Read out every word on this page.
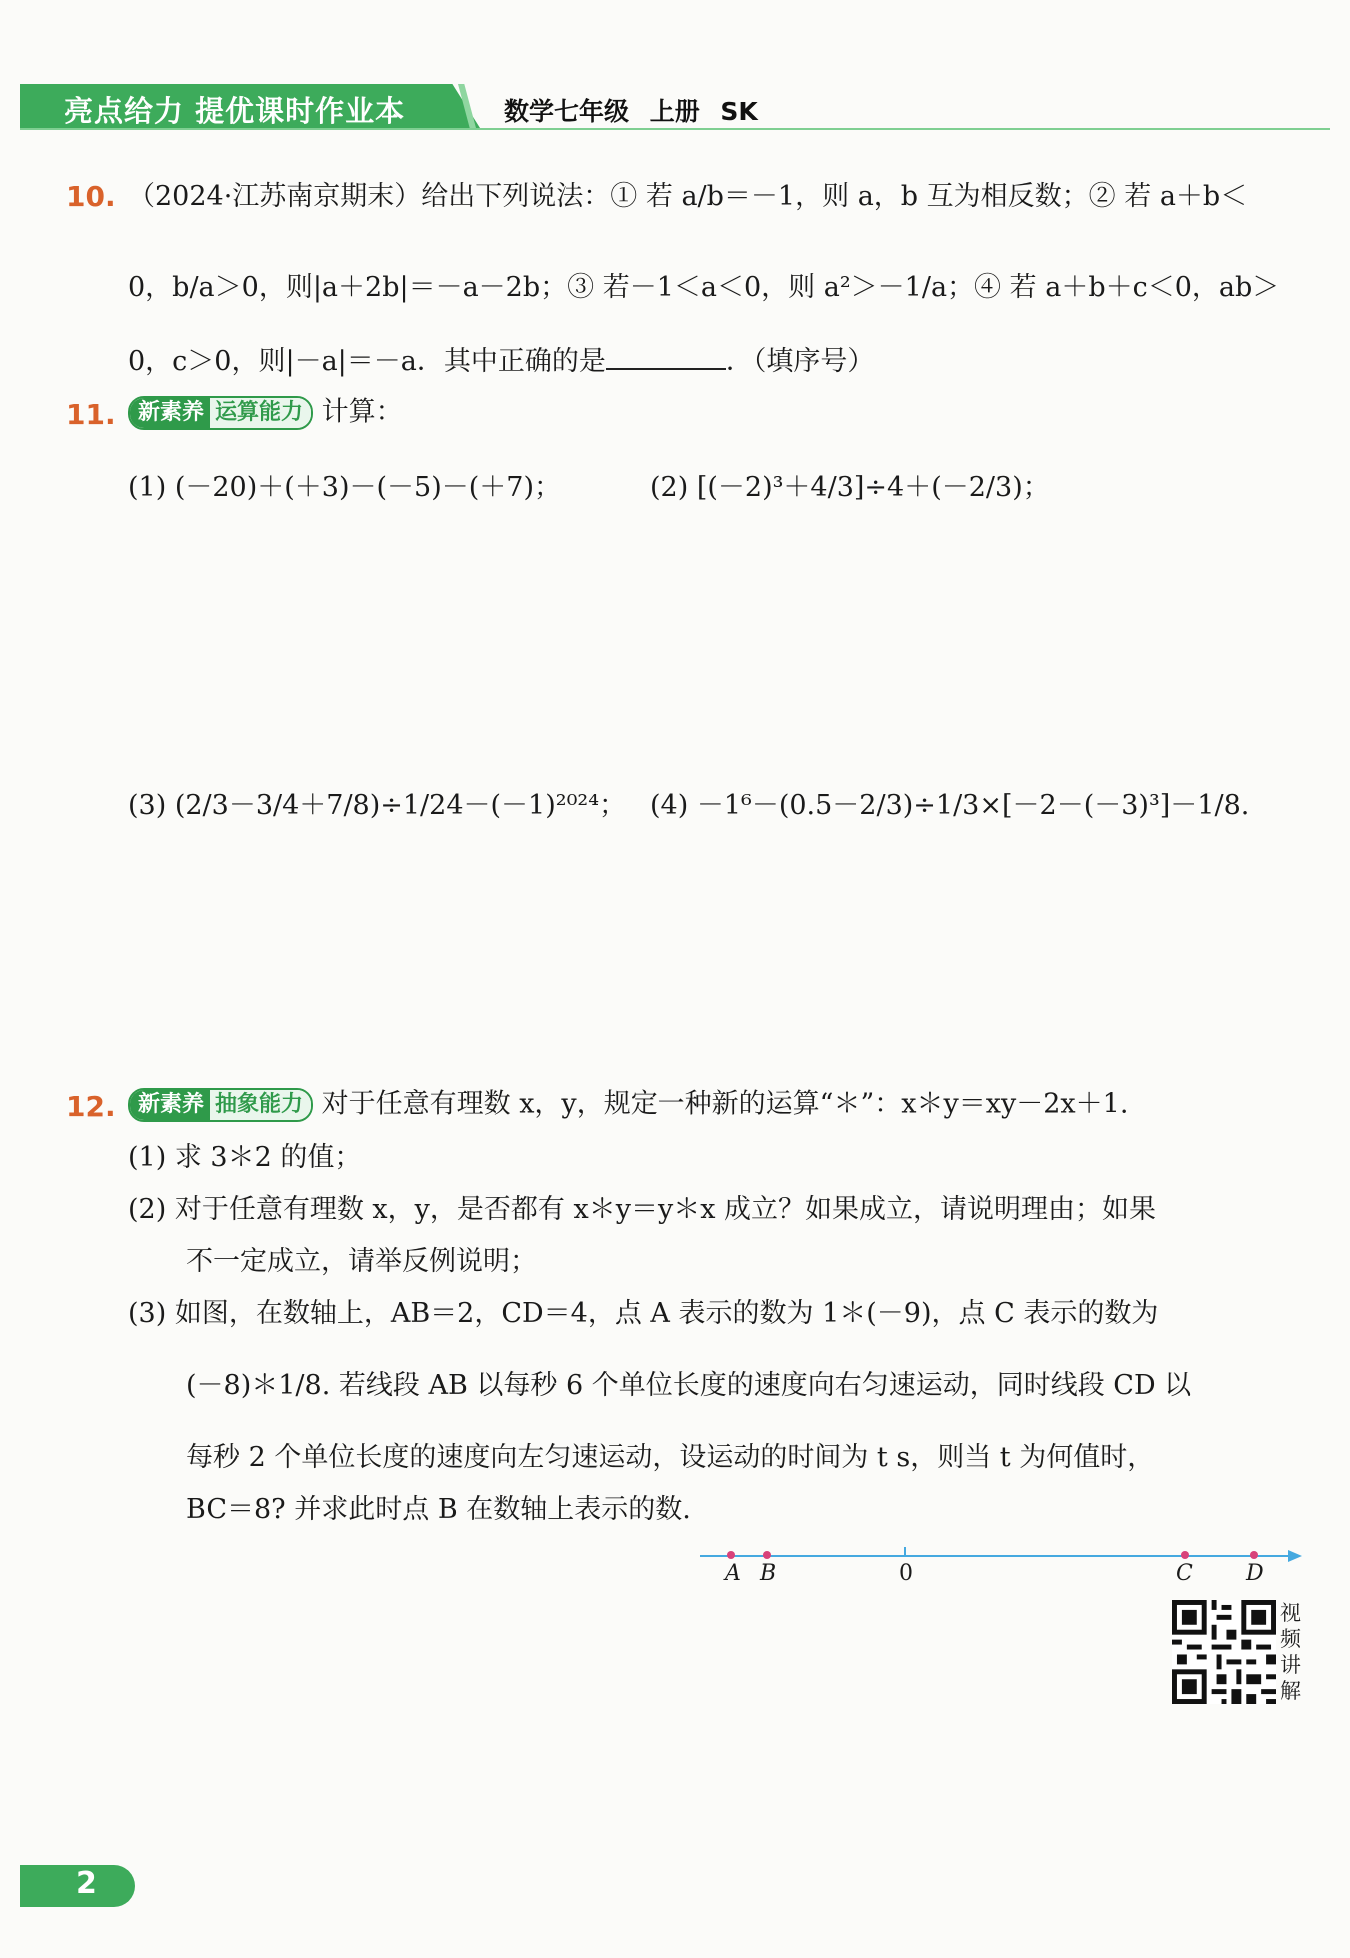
亮点给力 提优课时作业本	数学七年级 上册 SK
10. （2024·江苏南京期末）给出下列说法：① 若 a/b＝－1，则 a，b 互为相反数；② 若 a＋b＜
0，b/a＞0，则|a＋2b|＝－a－2b；③ 若－1＜a＜0，则 a²＞－1/a；④ 若 a＋b＋c＜0，ab＞
0，c＞0，则|－a|＝－a．其中正确的是	．（填序号）
11.	新素养 运算能力 计算：
(1) (－20)＋(＋3)－(－5)－(＋7)；	(2) [(－2)³＋4/3]÷4＋(－2/3)；
(3) (2/3－3/4＋7/8)÷1/24－(－1)²⁰²⁴； (4) －1⁶－(0.5－2/3)÷1/3×[－2－(－3)³]－1/8.
12.	新素养 抽象能力 对于任意有理数 x，y，规定一种新的运算“＊”：x＊y＝xy－2x＋1.
(1) 求 3＊2 的值；
(2) 对于任意有理数 x，y，是否都有 x＊y＝y＊x 成立？如果成立，请说明理由；如果
不一定成立，请举反例说明；
(3) 如图，在数轴上，AB＝2，CD＝4，点 A 表示的数为 1＊(－9)，点 C 表示的数为
(－8)＊1/8. 若线段 AB 以每秒 6 个单位长度的速度向右匀速运动，同时线段 CD 以
每秒 2 个单位长度的速度向左匀速运动，设运动的时间为 t s，则当 t 为何值时，
BC＝8? 并求此时点 B 在数轴上表示的数.
A B	0	C D
视频讲解
2
